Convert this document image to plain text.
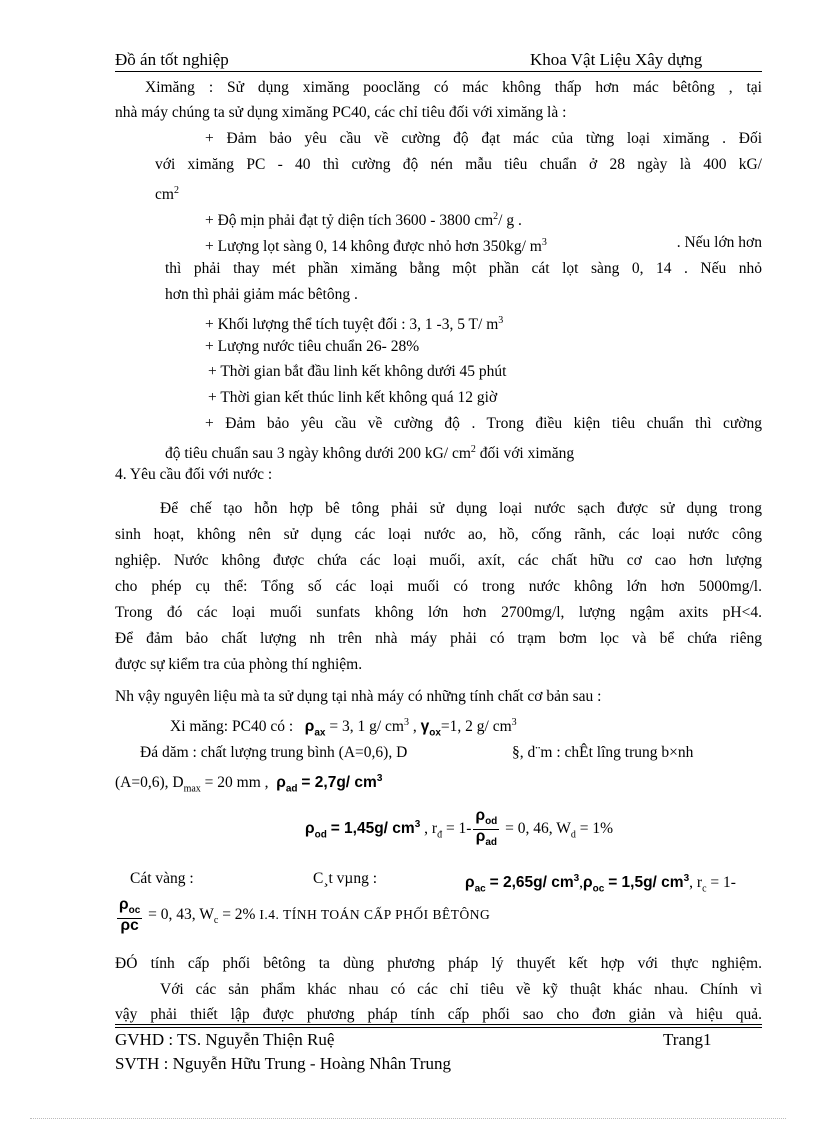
Đồ án tốt nghiệp	Khoa Vật Liệu Xây dựng
Ximăng : Sử dụng ximăng pooclăng có mác không thấp hơn mác bêtông , tại
nhà máy chúng ta sử dụng ximăng PC40, các chỉ tiêu đối với ximăng là :
+ Đảm bảo yêu cầu về cường độ đạt mác của từng loại ximăng . Đối
với ximăng PC - 40 thì cường độ nén mẫu tiêu chuẩn ở 28 ngày là 400 kG/
$cm^2$
+ Độ mịn phải đạt tỷ diện tích 3600 - 3800 $cm^2/$ g .
+ Lượng lọt sàng 0, 14 không được nhỏ hơn 350kg/ $m^3$	. Nếu lớn hơn
thì phải thay mét phần ximăng bằng một phần cát lọt sàng 0, 14 . Nếu nhỏ
hơn thì phải giảm mác bêtông .
+ Khối lượng thể tích tuyệt đối : 3, 1 -3, 5 T/ $m^3$
+ Lượng nước tiêu chuẩn 26- 28%
+ Thời gian bắt đầu linh kết không dưới 45 phút
+ Thời gian kết thúc linh kết không quá 12 giờ
+ Đảm bảo yêu cầu về cường độ . Trong điều kiện tiêu chuẩn thì cường
độ tiêu chuẩn sau 3 ngày không dưới 200 kG/ $cm^2$ đối với ximăng
4. Yêu cầu đối với nước :
Để chế tạo hỗn hợp bê tông phải sử dụng loại nước sạch được sử dụng trong
sinh hoạt, không nên sử dụng các loại nước ao, hồ, cống rãnh, các loại nước công
nghiệp. Nước không được chứa các loại muối, axít, các chất hữu cơ cao hơn lượng
cho phép cụ thể: Tổng số các loại muối có trong nước không lớn hơn 5000mg/l.
Trong đó các loại muối sunfats không lớn hơn 2700mg/l, lượng ngậm axits pH<4.
Để đảm bảo chất lượng nh trên nhà máy phải có trạm bơm lọc và bể chứa riêng
được sự kiểm tra của phòng thí nghiệm.
Nh vậy nguyên liệu mà ta sử dụng tại nhà máy có những tính chất cơ bản sau :
Xi măng: PC40 có : $\rho_{ax} = 3$, 1 g/ $cm^3$ , $\gamma_{ox}=1$, 2 g/ $cm^3$
Đá dăm : chất lượng trung bình (A=0,6), D	§, d¨m : chÊt lîng trung b×nh
(A=0,6), $D_{max} = 20$ mm , $\rho_{ad} = 2,7g/$ $cm^3$
$\rho_{od} = 1,45g/$ $cm^3$ , $r_đ = 1- \frac{\rho_{od}}{\rho_{ad}} = 0$, 46, $W_d = 1\%$
Cát vàng :	C¸t vµng :	$\rho_{ac} = 2,65g/$ $cm^3,\rho_{oc} = 1,5g/$ $cm^3$, $r_c = 1-$
$\frac{\rho_{oc}}{\rho c} = 0$, 43, $W_c = 2\%$ I.4. TÍNH TOÁN CẤP PHỐI BÊTÔNG
ĐÓ tính cấp phối bêtông ta dùng phương pháp lý thuyết kết hợp với thực nghiệm.
Với các sản phẩm khác nhau có các chỉ tiêu về kỹ thuật khác nhau. Chính vì
vậy phải thiết lập được phương pháp tính cấp phối sao cho đơn giản và hiệu quả.
GVHD : TS. Nguyễn Thiện Ruệ	Trang1
SVTH : Nguyễn Hữu Trung - Hoàng Nhân Trung
